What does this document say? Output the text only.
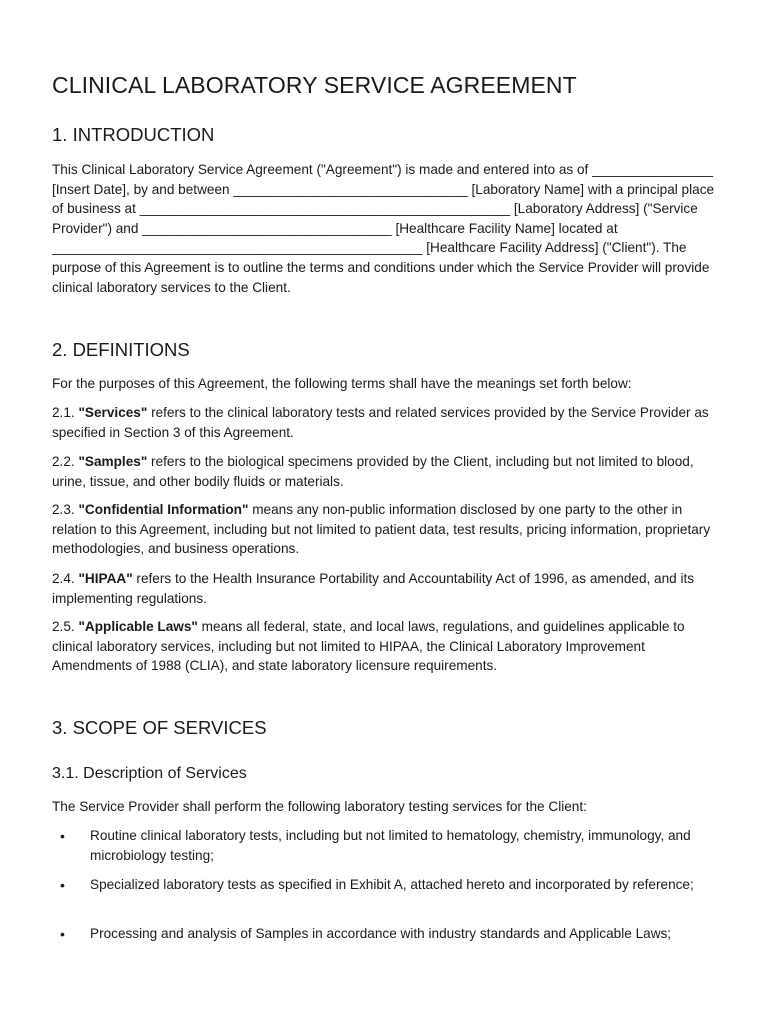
CLINICAL LABORATORY SERVICE AGREEMENT
1. INTRODUCTION

This Clinical Laboratory Service Agreement ("Agreement") is made and entered into as of ________________ [Insert Date], by and between _______________________________ [Laboratory Name] with a principal place of business at _________________________________________________ [Laboratory Address] ("Service Provider") and _________________________________ [Healthcare Facility Name] located at _________________________________________________ [Healthcare Facility Address] ("Client"). The purpose of this Agreement is to outline the terms and conditions under which the Service Provider will provide clinical laboratory services to the Client.

2. DEFINITIONS

For the purposes of this Agreement, the following terms shall have the meanings set forth below:

2.1. "Services" refers to the clinical laboratory tests and related services provided by the Service Provider as specified in Section 3 of this Agreement.

2.2. "Samples" refers to the biological specimens provided by the Client, including but not limited to blood, urine, tissue, and other bodily fluids or materials.

2.3. "Confidential Information" means any non-public information disclosed by one party to the other in relation to this Agreement, including but not limited to patient data, test results, pricing information, proprietary methodologies, and business operations.

2.4. "HIPAA" refers to the Health Insurance Portability and Accountability Act of 1996, as amended, and its implementing regulations.

2.5. "Applicable Laws" means all federal, state, and local laws, regulations, and guidelines applicable to clinical laboratory services, including but not limited to HIPAA, the Clinical Laboratory Improvement Amendments of 1988 (CLIA), and state laboratory licensure requirements.

3. SCOPE OF SERVICES
3.1. Description of Services

The Service Provider shall perform the following laboratory testing services for the Client:

• Routine clinical laboratory tests, including but not limited to hematology, chemistry, immunology, and microbiology testing;
• Specialized laboratory tests as specified in Exhibit A, attached hereto and incorporated by reference;
• Processing and analysis of Samples in accordance with industry standards and Applicable Laws;
